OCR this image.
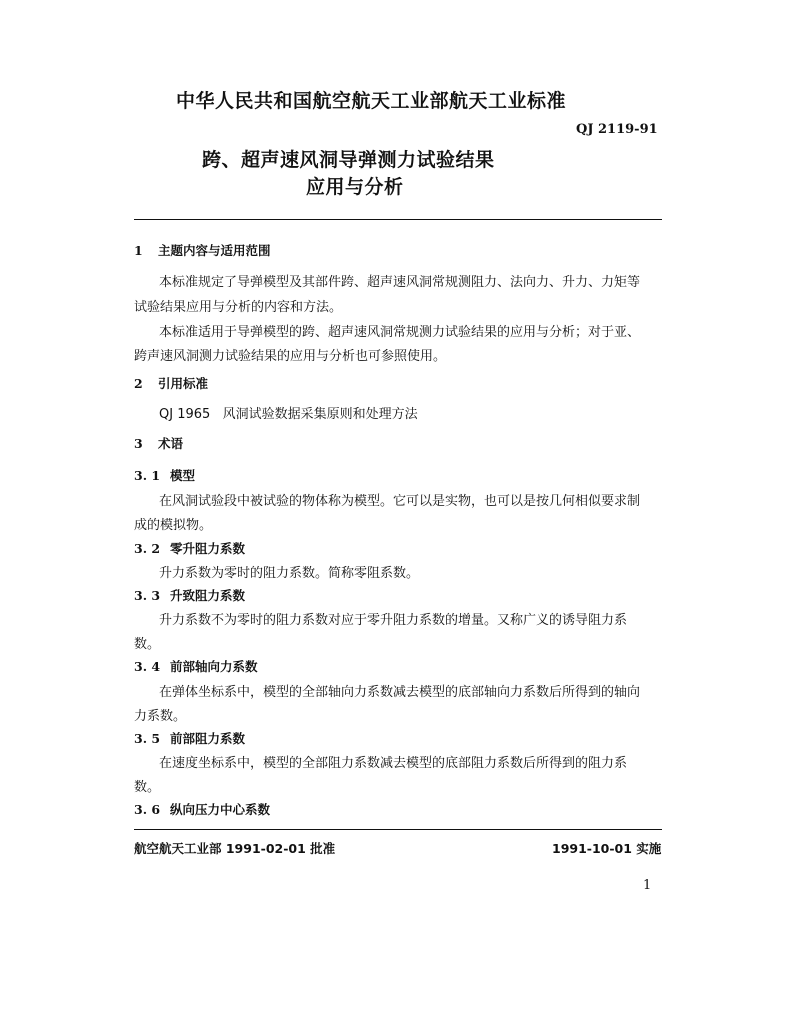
中华人民共和国航空航天工业部航天工业标准
QJ 2119-91
跨、超声速风洞导弹测力试验结果
应用与分析
1 主题内容与适用范围
本标准规定了导弹模型及其部件跨、超声速风洞常规测阻力、法向力、升力、力矩等
试验结果应用与分析的内容和方法。
本标准适用于导弹模型的跨、超声速风洞常规测力试验结果的应用与分析；对于亚、
跨声速风洞测力试验结果的应用与分析也可参照使用。
2 引用标准
QJ 1965   风洞试验数据采集原则和处理方法
3 术语
3. 1 模型
在风洞试验段中被试验的物体称为模型。它可以是实物，也可以是按几何相似要求制
成的模拟物。
3. 2 零升阻力系数
升力系数为零时的阻力系数。简称零阻系数。
3. 3 升致阻力系数
升力系数不为零时的阻力系数对应于零升阻力系数的增量。又称广义的诱导阻力系
数。
3. 4 前部轴向力系数
在弹体坐标系中，模型的全部轴向力系数减去模型的底部轴向力系数后所得到的轴向
力系数。
3. 5 前部阻力系数
在速度坐标系中，模型的全部阻力系数减去模型的底部阻力系数后所得到的阻力系
数。
3. 6 纵向压力中心系数
航空航天工业部 1991-02-01 批准	1991-10-01 实施
1
